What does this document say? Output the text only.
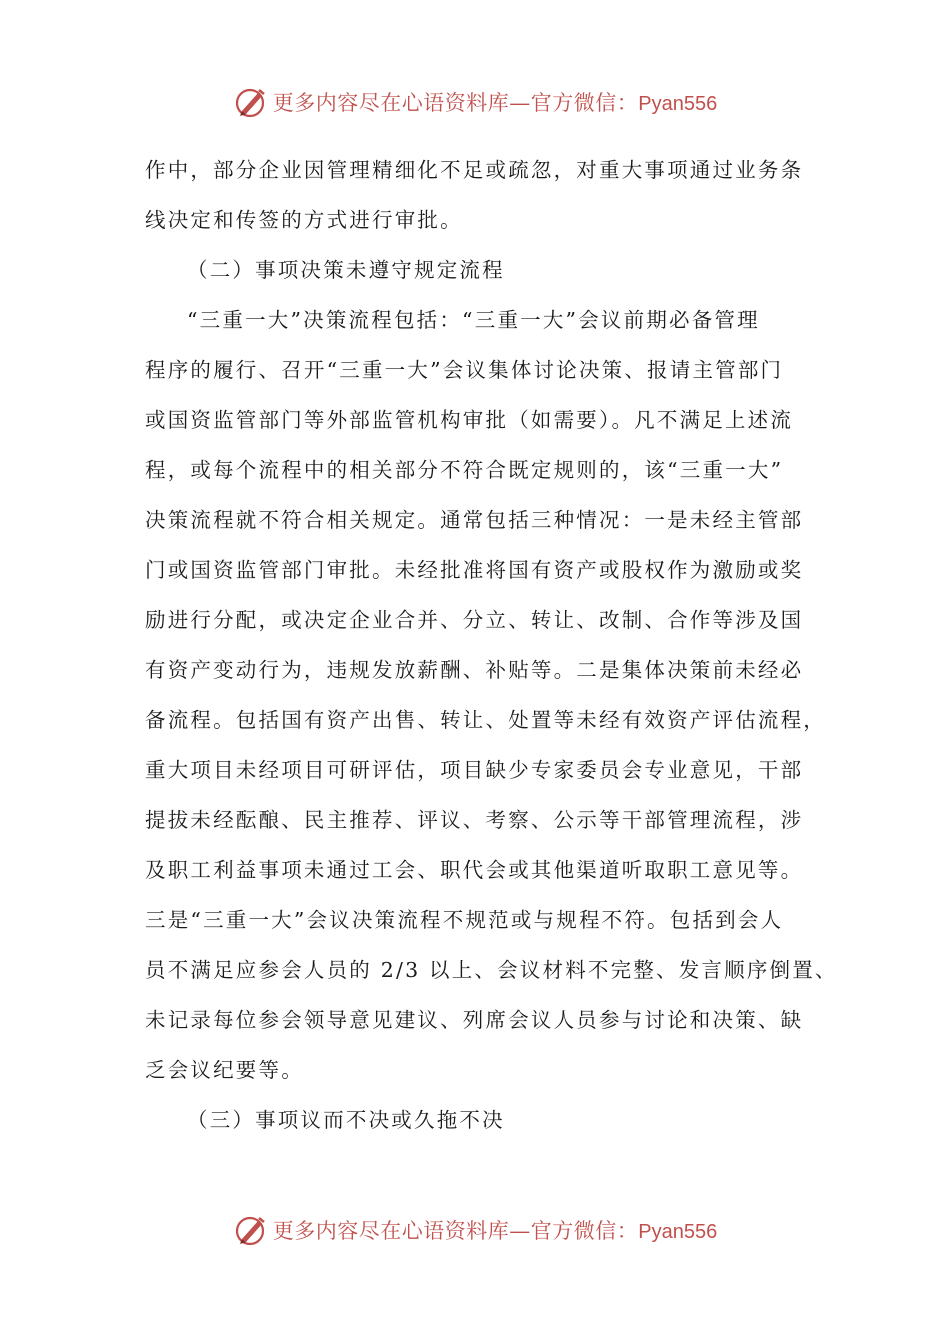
更多内容尽在心语资料库—官方微信：Pyan556
作中，部分企业因管理精细化不足或疏忽，对重大事项通过业务条
线决定和传签的方式进行审批。
（二）事项决策未遵守规定流程
“三重一大”决策流程包括：“三重一大”会议前期必备管理
程序的履行、召开“三重一大”会议集体讨论决策、报请主管部门
或国资监管部门等外部监管机构审批（如需要）。凡不满足上述流
程，或每个流程中的相关部分不符合既定规则的，该“三重一大”
决策流程就不符合相关规定。通常包括三种情况：一是未经主管部
门或国资监管部门审批。未经批准将国有资产或股权作为激励或奖
励进行分配，或决定企业合并、分立、转让、改制、合作等涉及国
有资产变动行为，违规发放薪酬、补贴等。二是集体决策前未经必
备流程。包括国有资产出售、转让、处置等未经有效资产评估流程，
重大项目未经项目可研评估，项目缺少专家委员会专业意见，干部
提拔未经酝酿、民主推荐、评议、考察、公示等干部管理流程，涉
及职工利益事项未通过工会、职代会或其他渠道听取职工意见等。
三是“三重一大”会议决策流程不规范或与规程不符。包括到会人
员不满足应参会人员的 2/3 以上、会议材料不完整、发言顺序倒置、
未记录每位参会领导意见建议、列席会议人员参与讨论和决策、缺
乏会议纪要等。
（三）事项议而不决或久拖不决
更多内容尽在心语资料库—官方微信：Pyan556
